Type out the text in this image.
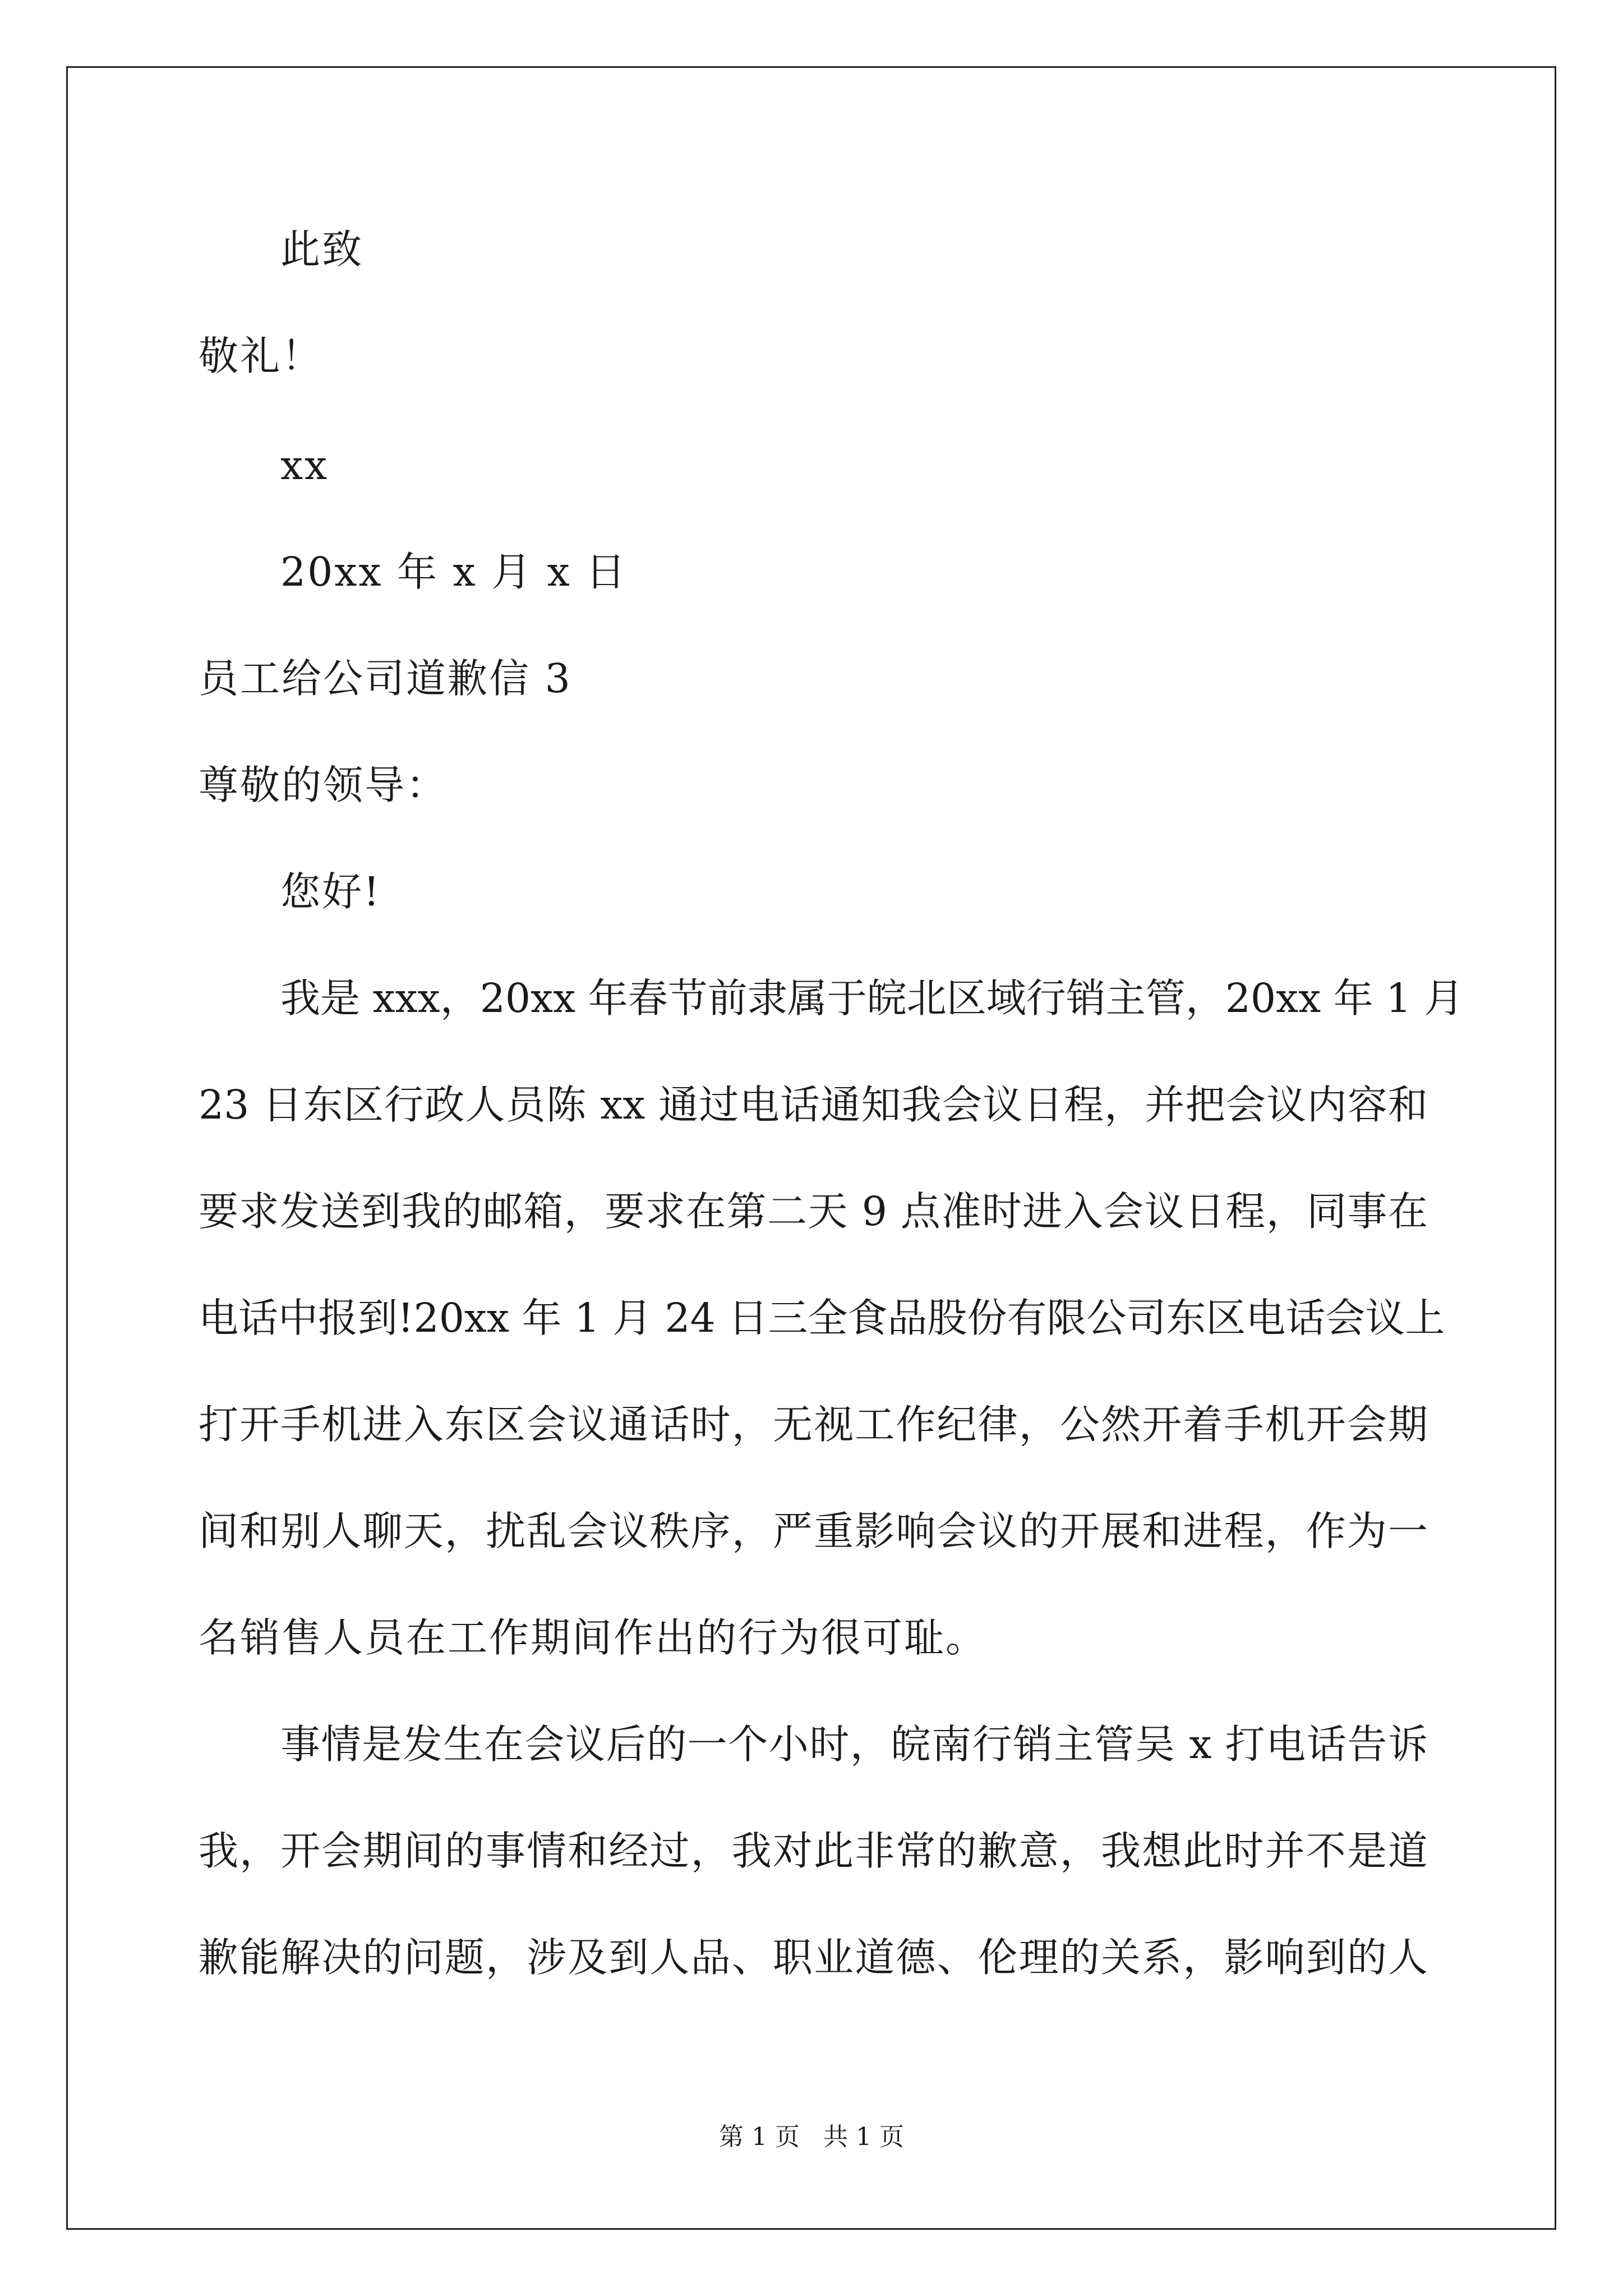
此致

敬礼！

xx

20xx 年 x 月 x 日

员工给公司道歉信 3

尊敬的领导：

您好!

我是 xxx，20xx 年春节前隶属于皖北区域行销主管，20xx 年 1 月

23 日东区行政人员陈 xx 通过电话通知我会议日程，并把会议内容和

要求发送到我的邮箱，要求在第二天 9 点准时进入会议日程，同事在

电话中报到!20xx 年 1 月 24 日三全食品股份有限公司东区电话会议上

打开手机进入东区会议通话时，无视工作纪律，公然开着手机开会期

间和别人聊天，扰乱会议秩序，严重影响会议的开展和进程，作为一

名销售人员在工作期间作出的行为很可耻。

事情是发生在会议后的一个小时，皖南行销主管吴 x 打电话告诉

我，开会期间的事情和经过，我对此非常的歉意，我想此时并不是道

歉能解决的问题，涉及到人品、职业道德、伦理的关系，影响到的人

第 1 页   共 1 页
